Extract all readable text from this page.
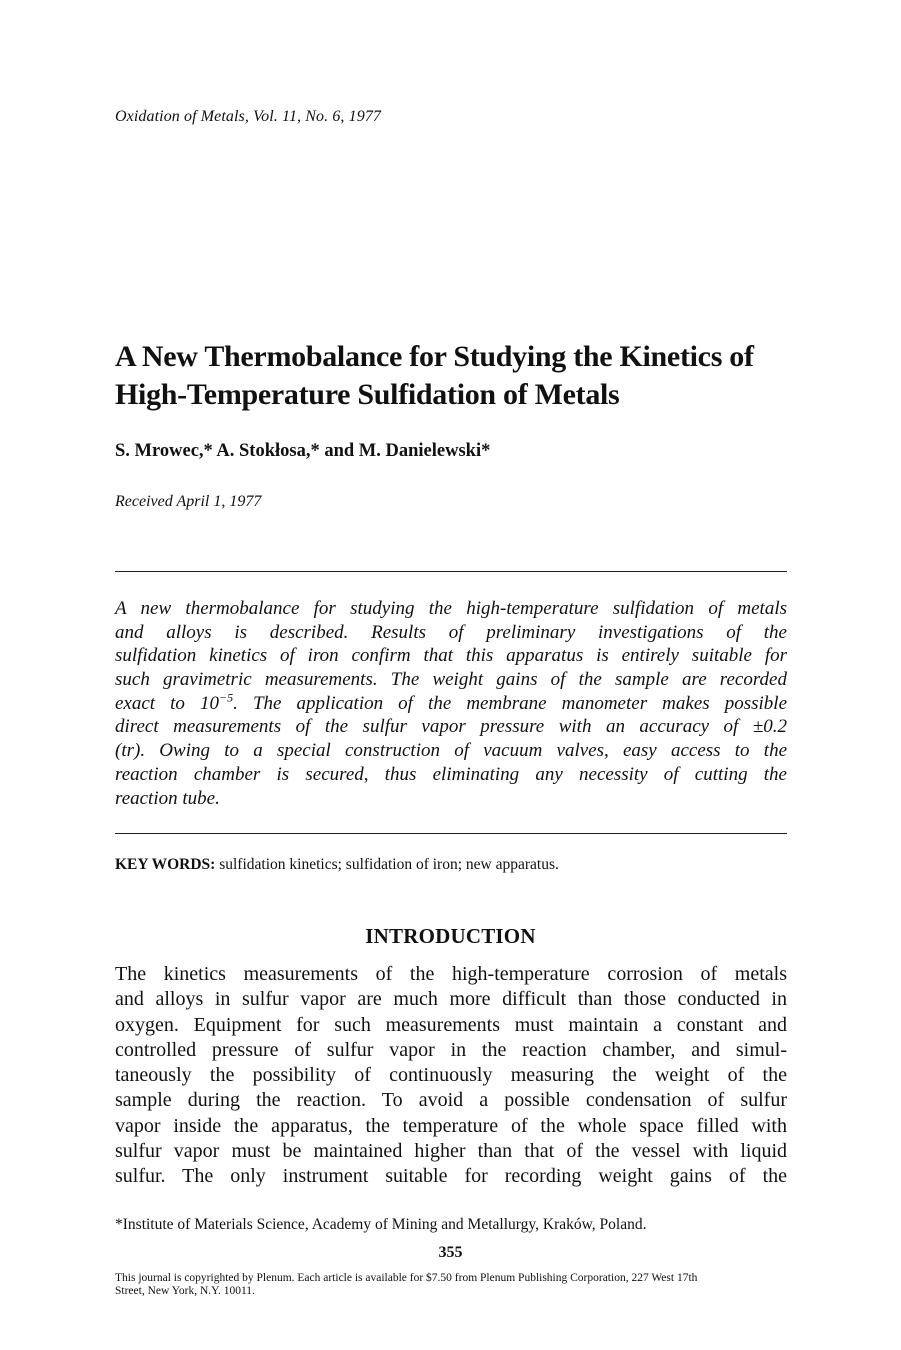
Oxidation of Metals, Vol. 11, No. 6, 1977
A New Thermobalance for Studying the Kinetics of
High-Temperature Sulfidation of Metals
S. Mrowec,* A. Stokłosa,* and M. Danielewski*
Received April 1, 1977
A new thermobalance for studying the high-temperature sulfidation of metals
and alloys is described. Results of preliminary investigations of the
sulfidation kinetics of iron confirm that this apparatus is entirely suitable for
such gravimetric measurements. The weight gains of the sample are recorded
exact to $10^{-5}$. The application of the membrane manometer makes possible
direct measurements of the sulfur vapor pressure with an accuracy of ±0.2
(tr). Owing to a special construction of vacuum valves, easy access to the
reaction chamber is secured, thus eliminating any necessity of cutting the
reaction tube.
KEY WORDS: sulfidation kinetics; sulfidation of iron; new apparatus.
INTRODUCTION
The kinetics measurements of the high-temperature corrosion of metals
and alloys in sulfur vapor are much more difficult than those conducted in
oxygen. Equipment for such measurements must maintain a constant and
controlled pressure of sulfur vapor in the reaction chamber, and simul-
taneously the possibility of continuously measuring the weight of the
sample during the reaction. To avoid a possible condensation of sulfur
vapor inside the apparatus, the temperature of the whole space filled with
sulfur vapor must be maintained higher than that of the vessel with liquid
sulfur. The only instrument suitable for recording weight gains of the
*Institute of Materials Science, Academy of Mining and Metallurgy, Kraków, Poland.
355
This journal is copyrighted by Plenum. Each article is available for $7.50 from Plenum Publishing Corporation, 227 West 17th
Street, New York, N.Y. 10011.
